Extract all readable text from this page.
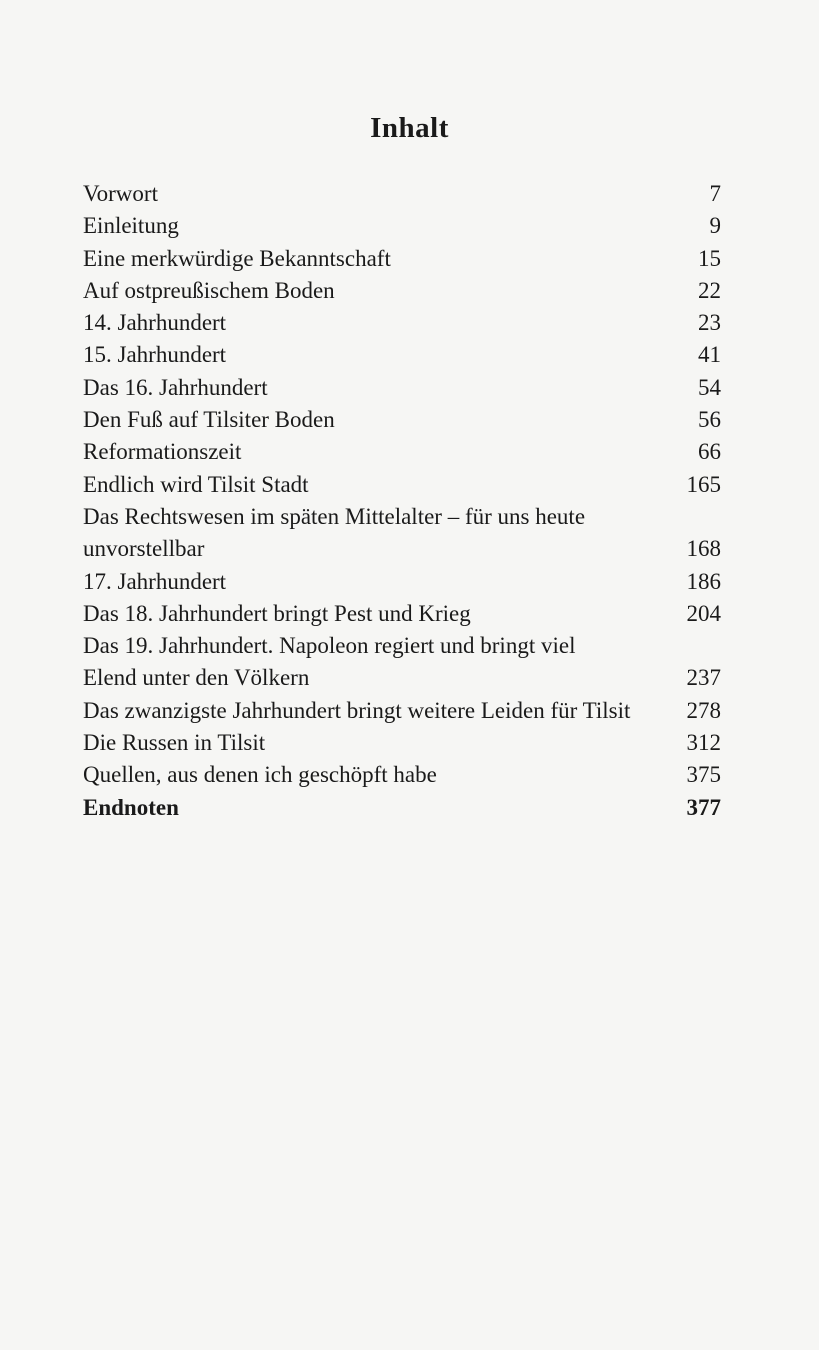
Inhalt
Vorwort	7
Einleitung	9
Eine merkwürdige Bekanntschaft	15
Auf ostpreußischem Boden	22
14. Jahrhundert	23
15. Jahrhundert	41
Das 16. Jahrhundert	54
Den Fuß auf Tilsiter Boden	56
Reformationszeit	66
Endlich wird Tilsit Stadt	165
Das Rechtswesen im späten Mittelalter – für uns heute
unvorstellbar	168
17. Jahrhundert	186
Das 18. Jahrhundert bringt Pest und Krieg	204
Das 19. Jahrhundert. Napoleon regiert und bringt viel
Elend unter den Völkern	237
Das zwanzigste Jahrhundert bringt weitere Leiden für Tilsit	278
Die Russen in Tilsit	312
Quellen, aus denen ich geschöpft habe	375
Endnoten	377
